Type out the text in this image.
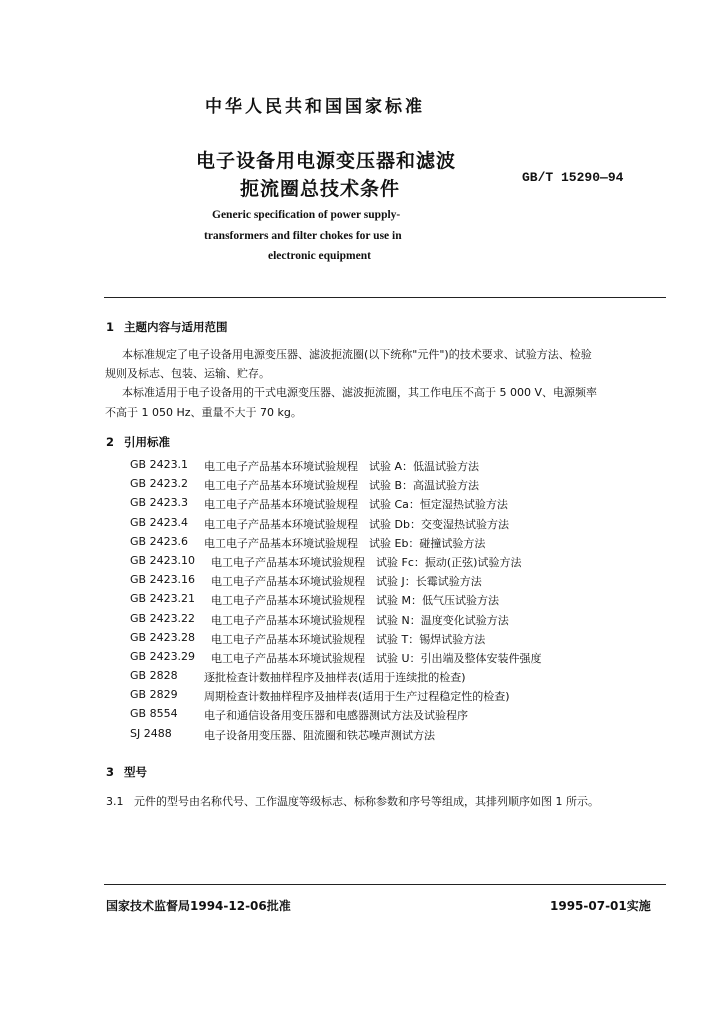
中华人民共和国国家标准
电子设备用电源变压器和滤波
扼流圈总技术条件
GB/T 15290—94
Generic specification of power supply-
transformers and filter chokes for use in
electronic equipment
1 主题内容与适用范围
本标准规定了电子设备用电源变压器、滤波扼流圈(以下统称"元件")的技术要求、试验方法、检验
规则及标志、包装、运输、贮存。
本标准适用于电子设备用的干式电源变压器、滤波扼流圈，其工作电压不高于 5 000 V、电源频率
不高于 1 050 Hz、重量不大于 70 kg。
2 引用标准
GB 2423.1	电工电子产品基本环境试验规程　试验 A：低温试验方法
GB 2423.2	电工电子产品基本环境试验规程　试验 B：高温试验方法
GB 2423.3	电工电子产品基本环境试验规程　试验 Ca：恒定湿热试验方法
GB 2423.4	电工电子产品基本环境试验规程　试验 Db：交变湿热试验方法
GB 2423.6	电工电子产品基本环境试验规程　试验 Eb：碰撞试验方法
GB 2423.10	电工电子产品基本环境试验规程　试验 Fc：振动(正弦)试验方法
GB 2423.16	电工电子产品基本环境试验规程　试验 J：长霉试验方法
GB 2423.21	电工电子产品基本环境试验规程　试验 M：低气压试验方法
GB 2423.22	电工电子产品基本环境试验规程　试验 N：温度变化试验方法
GB 2423.28	电工电子产品基本环境试验规程　试验 T：锡焊试验方法
GB 2423.29	电工电子产品基本环境试验规程　试验 U：引出端及整体安装件强度
GB 2828	逐批检查计数抽样程序及抽样表(适用于连续批的检查)
GB 2829	周期检查计数抽样程序及抽样表(适用于生产过程稳定性的检查)
GB 8554	电子和通信设备用变压器和电感器测试方法及试验程序
SJ 2488	电子设备用变压器、阻流圈和铁芯噪声测试方法
3 型号
3.1 元件的型号由名称代号、工作温度等级标志、标称参数和序号等组成，其排列顺序如图 1 所示。
国家技术监督局1994-12-06批准	1995-07-01实施
